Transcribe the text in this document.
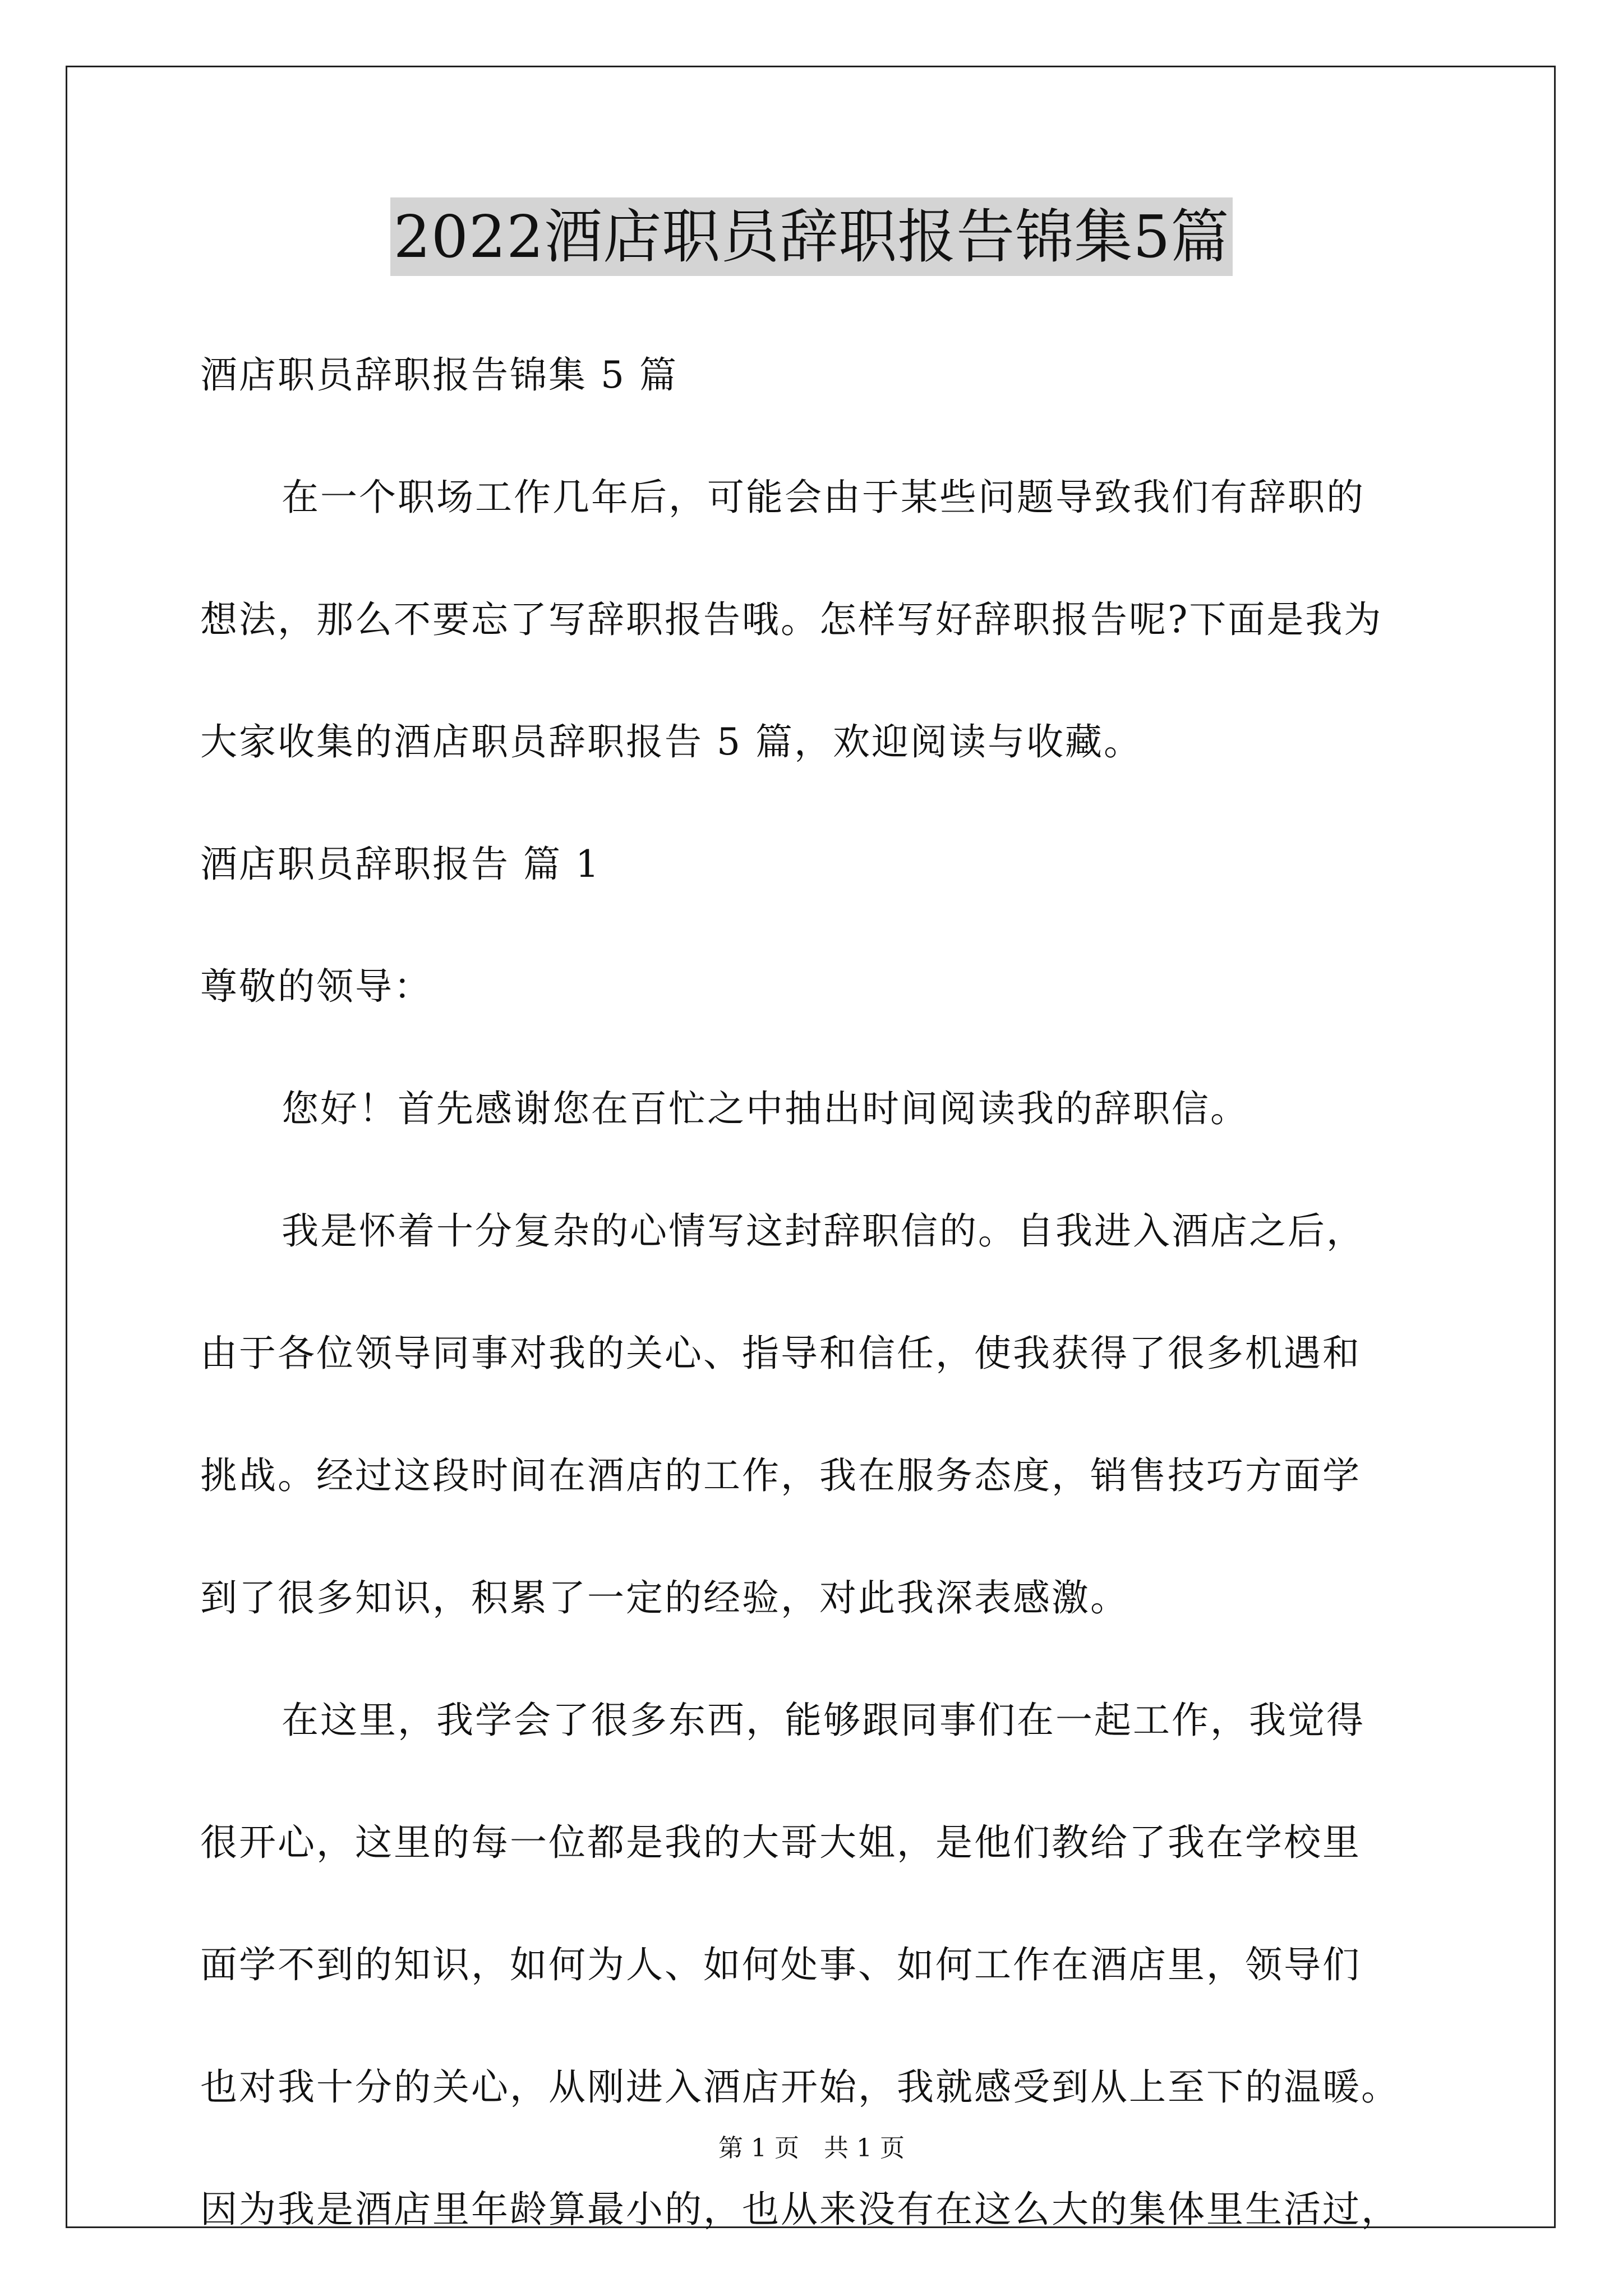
2022酒店职员辞职报告锦集5篇
酒店职员辞职报告锦集 5 篇
在一个职场工作几年后，可能会由于某些问题导致我们有辞职的
想法，那么不要忘了写辞职报告哦。怎样写好辞职报告呢?下面是我为
大家收集的酒店职员辞职报告 5 篇，欢迎阅读与收藏。
酒店职员辞职报告 篇 1
尊敬的领导：
您好！首先感谢您在百忙之中抽出时间阅读我的辞职信。
我是怀着十分复杂的心情写这封辞职信的。自我进入酒店之后，
由于各位领导同事对我的关心、指导和信任，使我获得了很多机遇和
挑战。经过这段时间在酒店的工作，我在服务态度，销售技巧方面学
到了很多知识，积累了一定的经验，对此我深表感激。
在这里，我学会了很多东西，能够跟同事们在一起工作，我觉得
很开心，这里的每一位都是我的大哥大姐，是他们教给了我在学校里
面学不到的知识，如何为人、如何处事、如何工作在酒店里，领导们
也对我十分的关心，从刚进入酒店开始，我就感受到从上至下的温暖。
因为我是酒店里年龄算最小的，也从来没有在这么大的集体里生活过，
第 1 页　共 1 页
